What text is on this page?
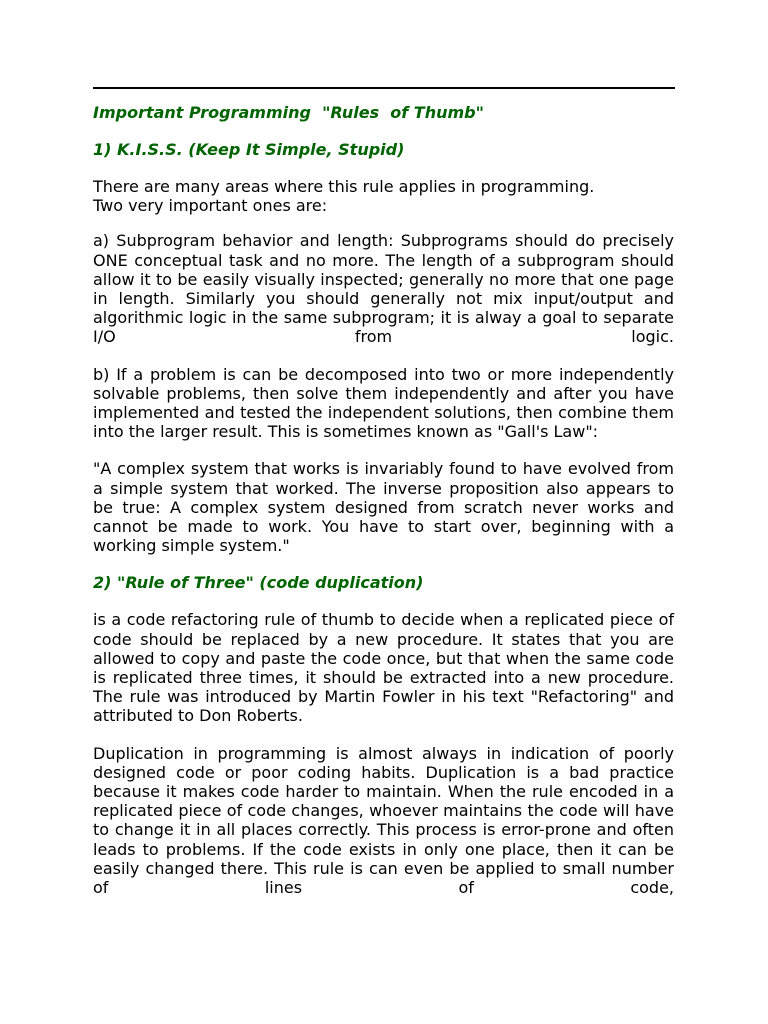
Important Programming  "Rules  of Thumb"

1) K.I.S.S. (Keep It Simple, Stupid)

There are many areas where this rule applies in programming.
Two very important ones are:

a) Subprogram behavior and length: Subprograms should do precisely ONE conceptual task and no more. The length of a subprogram should allow it to be easily visually inspected; generally no more that one page in length. Similarly you should generally not mix input/output and algorithmic logic in the same subprogram; it is alway a goal to separate I/O from logic.

b) If a problem is can be decomposed into two or more independently solvable problems, then solve them independently and after you have implemented and tested the independent solutions, then combine them into the larger result. This is sometimes known as "Gall's Law":

"A complex system that works is invariably found to have evolved from a simple system that worked. The inverse proposition also appears to be true: A complex system designed from scratch never works and cannot be made to work. You have to start over, beginning with a working simple system."

2) "Rule of Three" (code duplication)

is a code refactoring rule of thumb to decide when a replicated piece of code should be replaced by a new procedure. It states that you are allowed to copy and paste the code once, but that when the same code is replicated three times, it should be extracted into a new procedure. The rule was introduced by Martin Fowler in his text "Refactoring" and attributed to Don Roberts.

Duplication in programming is almost always in indication of poorly designed code or poor coding habits. Duplication is a bad practice because it makes code harder to maintain. When the rule encoded in a replicated piece of code changes, whoever maintains the code will have to change it in all places correctly. This process is error-prone and often leads to problems. If the code exists in only one place, then it can be easily changed there. This rule is can even be applied to small number of lines of code,
